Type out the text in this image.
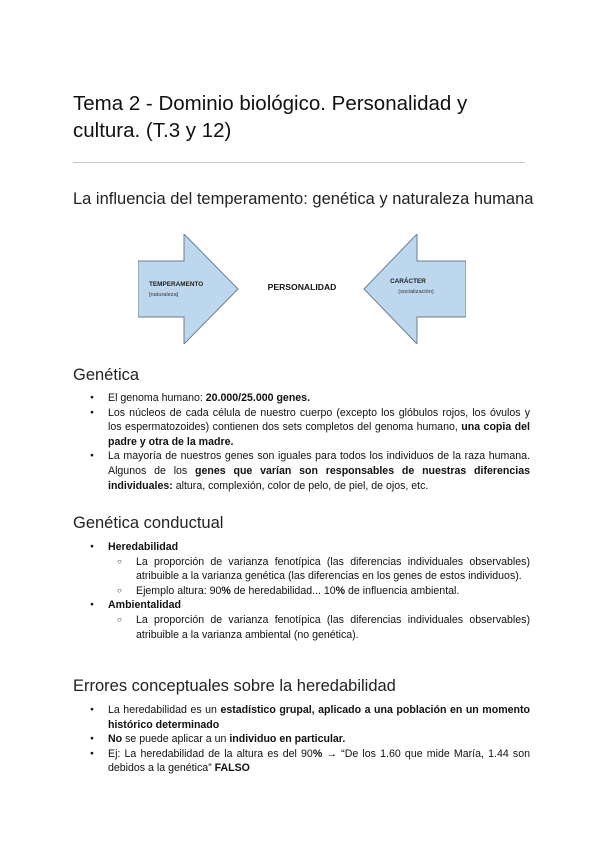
Tema 2 - Dominio biológico. Personalidad y cultura. (T.3 y 12)
La influencia del temperamento: genética y naturaleza humana
TEMPERAMENTO
[naturaleza]
PERSONALIDAD
CARÁCTER
(socialización)
Genética
● El genoma humano: 20.000/25.000 genes.
● Los núcleos de cada célula de nuestro cuerpo (excepto los glóbulos rojos, los óvulos y los espermatozoides) contienen dos sets completos del genoma humano, una copia del padre y otra de la madre.
● La mayoría de nuestros genes son iguales para todos los individuos de la raza humana. Algunos de los genes que varían son responsables de nuestras diferencias individuales: altura, complexión, color de pelo, de piel, de ojos, etc.
Genética conductual
● Heredabilidad
○ La proporción de varianza fenotípica (las diferencias individuales observables) atribuible a la varianza genética (las diferencias en los genes de estos individuos).
○ Ejemplo altura: 90% de heredabilidad... 10% de influencia ambiental.
● Ambientalidad
○ La proporción de varianza fenotípica (las diferencias individuales observables) atribuible a la varianza ambiental (no genética).
Errores conceptuales sobre la heredabilidad
● La heredabilidad es un estadístico grupal, aplicado a una población en un momento histórico determinado
● No se puede aplicar a un individuo en particular.
● Ej: La heredabilidad de la altura es del 90% → “De los 1.60 que mide María, 1.44 son debidos a la genética” FALSO
